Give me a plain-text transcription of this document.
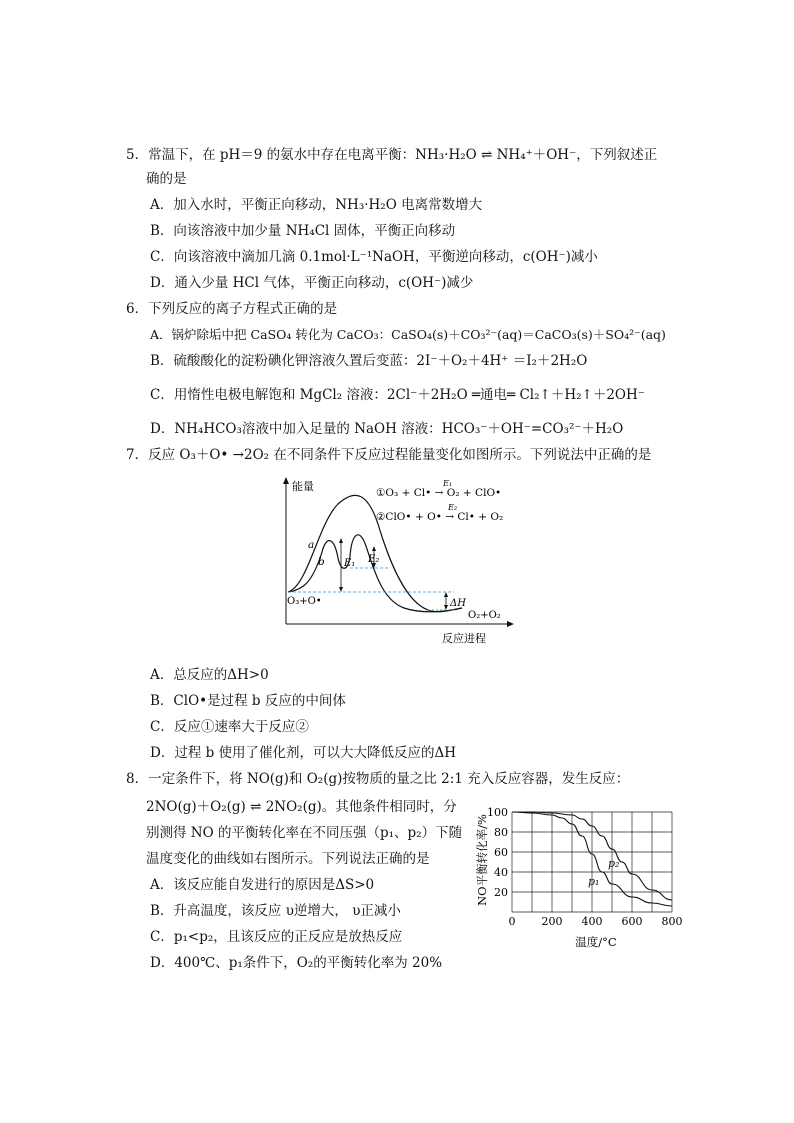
5．常温下，在 pH＝9 的氨水中存在电离平衡：NH₃·H₂O ⇌ NH₄⁺＋OH⁻，下列叙述正
确的是
A．加入水时，平衡正向移动，NH₃·H₂O 电离常数增大
B．向该溶液中加少量 NH₄Cl 固体，平衡正向移动
C．向该溶液中滴加几滴 0.1mol·L⁻¹NaOH，平衡逆向移动，c(OH⁻)减小
D．通入少量 HCl 气体，平衡正向移动，c(OH⁻)减少
6．下列反应的离子方程式正确的是
A．锅炉除垢中把 CaSO₄ 转化为 CaCO₃：CaSO₄(s)＋CO₃²⁻(aq)＝CaCO₃(s)＋SO₄²⁻(aq)
B．硫酸酸化的淀粉碘化钾溶液久置后变蓝：2I⁻＋O₂＋4H⁺ ＝I₂＋2H₂O
C．用惰性电极电解饱和 MgCl₂ 溶液：2Cl⁻＋2H₂O ═通电═ Cl₂↑＋H₂↑＋2OH⁻
D．NH₄HCO₃溶液中加入足量的 NaOH 溶液：HCO₃⁻＋OH⁻=CO₃²⁻＋H₂O
7．反应 O₃＋O• →2O₂ 在不同条件下反应过程能量变化如图所示。下列说法中正确的是
能量
反应进程
a
b E₁ E₂
ΔH
O₃+O•
O₂+O₂
①O₃ + Cl• → O₂ + ClO•
E₁
②ClO• + O• → Cl• + O₂
E₂
A．总反应的ΔH>0
B．ClO•是过程 b 反应的中间体
C．反应①速率大于反应②
D．过程 b 使用了催化剂，可以大大降低反应的ΔH
8．一定条件下，将 NO(g)和 O₂(g)按物质的量之比 2:1 充入反应容器，发生反应：
2NO(g)＋O₂(g) ⇌ 2NO₂(g)。其他条件相同时，分
别测得 NO 的平衡转化率在不同压强（p₁、p₂）下随
温度变化的曲线如右图所示。下列说法正确的是
A．该反应能自发进行的原因是ΔS>0
B．升高温度，该反应 υ逆增大， υ正减小
C．p₁<p₂，且该反应的正反应是放热反应
D．400℃、p₁条件下，O₂的平衡转化率为 20%
0 200 400 600 800
20
40
60
80
100
p₁
p₂
温度/°C
NO平衡转化率/%
